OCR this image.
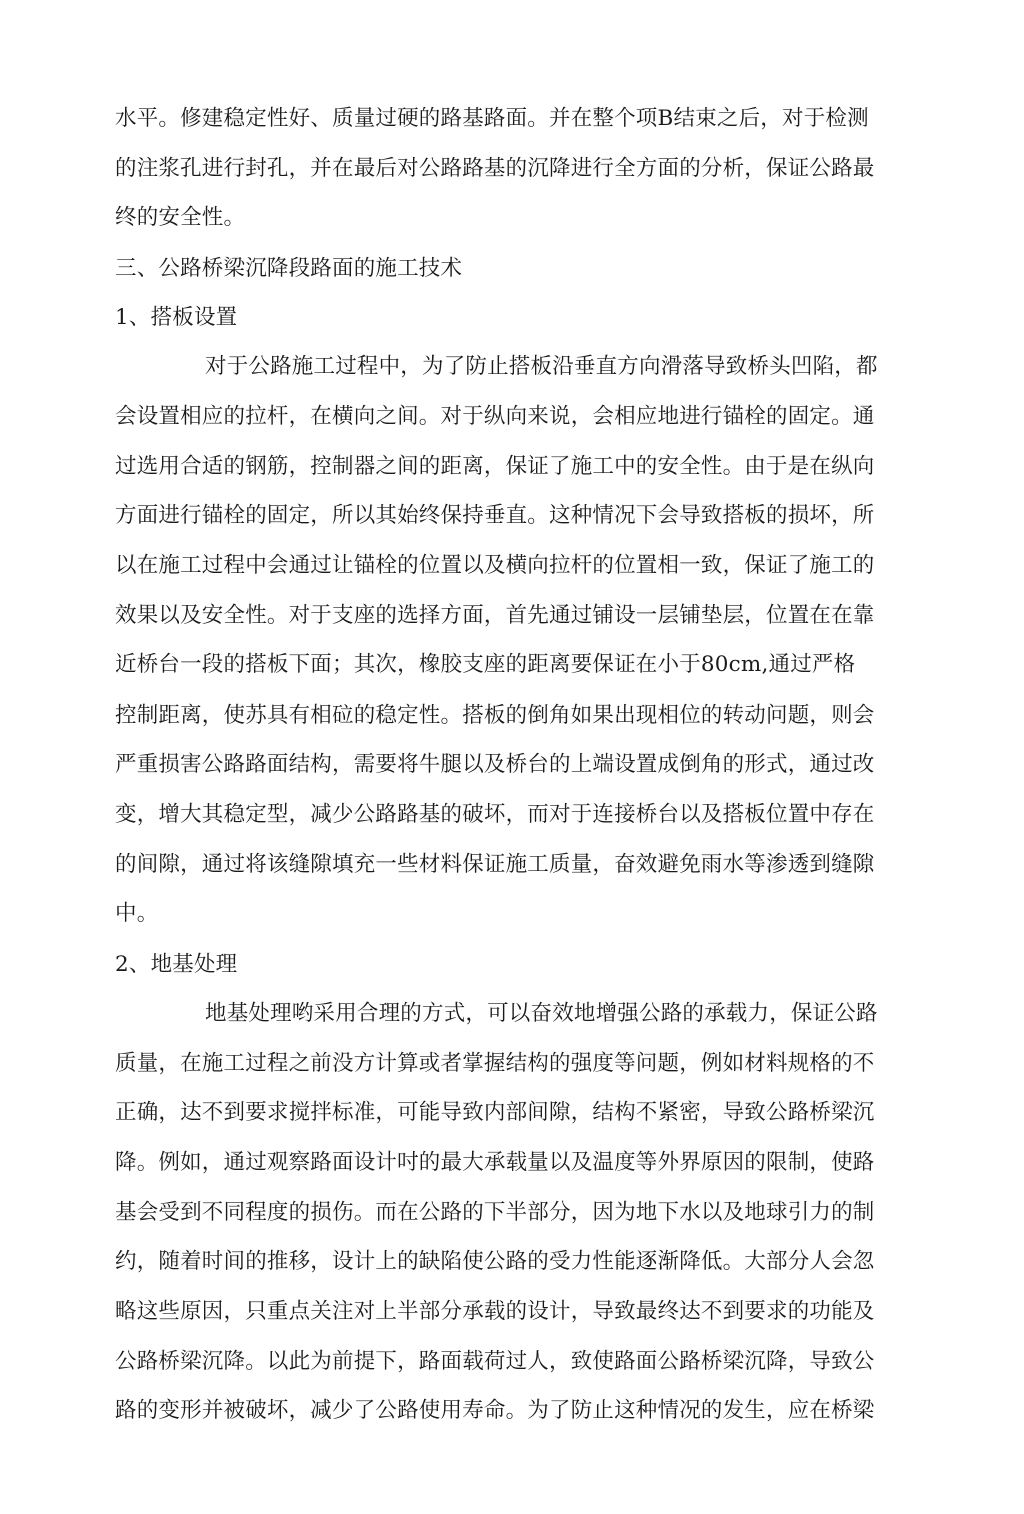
水平。修建稳定性好、质量过硬的路基路面。并在整个项B结束之后，对于检测
的注浆孔进行封孔，并在最后对公路路基的沉降进行全方面的分析，保证公路最
终的安全性。
三、公路桥梁沉降段路面的施工技术
1、搭板设置
对于公路施工过程中，为了防止搭板沿垂直方向滑落导致桥头凹陷，都
会设置相应的拉杆，在横向之间。对于纵向来说，会相应地进行锚栓的固定。通
过选用合适的钢筋，控制器之间的距离，保证了施工中的安全性。由于是在纵向
方面进行锚栓的固定，所以其始终保持垂直。这种情况下会导致搭板的损坏，所
以在施工过程中会通过让锚栓的位置以及横向拉杆的位置相一致，保证了施工的
效果以及安全性。对于支座的选择方面，首先通过铺设一层铺垫层，位置在在靠
近桥台一段的搭板下面；其次，橡胶支座的距离要保证在小于80cm,通过严格
控制距离，使苏具有相砬的稳定性。搭板的倒角如果出现相位的转动问题，则会
严重损害公路路面结构，需要将牛腿以及桥台的上端设置成倒角的形式，通过改
变，增大其稳定型，减少公路路基的破坏，而对于连接桥台以及搭板位置中存在
的间隙，通过将该缝隙填充一些材料保证施工质量，奋效避免雨水等渗透到缝隙
中。
2、地基处理
地基处理哟采用合理的方式，可以奋效地增强公路的承载力，保证公路
质量，在施工过程之前没方计算或者掌握结构的强度等问题，例如材料规格的不
正确，达不到要求搅拌标准，可能导致内部间隙，结构不紧密，导致公路桥梁沉
降。例如，通过观察路面设计吋的最大承载量以及温度等外界原因的限制，使路
基会受到不同程度的损伤。而在公路的下半部分，因为地下水以及地球引力的制
约，随着时间的推移，设计上的缺陷使公路的受力性能逐渐降低。大部分人会忽
略这些原因，只重点关注对上半部分承载的设计，导致最终达不到要求的功能及
公路桥梁沉降。以此为前提下，路面载荷过人，致使路面公路桥梁沉降，导致公
路的变形并被破坏，减少了公路使用寿命。为了防止这种情况的发生，应在桥梁
